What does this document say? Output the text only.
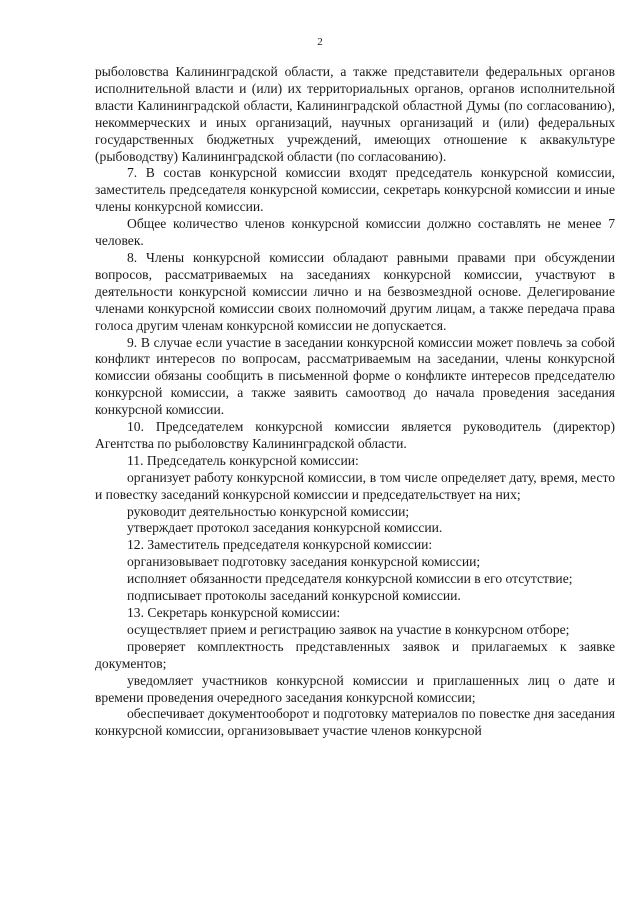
2

рыболовства Калининградской области, а также представители федеральных органов исполнительной власти и (или) их территориальных органов, органов исполнительной власти Калининградской области, Калининградской областной Думы (по согласованию), некоммерческих и иных организаций, научных организаций и (или) федеральных государственных бюджетных учреждений, имеющих отношение к аквакультуре (рыбоводству) Калининградской области (по согласованию).

7. В состав конкурсной комиссии входят председатель конкурсной комиссии, заместитель председателя конкурсной комиссии, секретарь конкурсной комиссии и иные члены конкурсной комиссии.

Общее количество членов конкурсной комиссии должно составлять не менее 7 человек.

8. Члены конкурсной комиссии обладают равными правами при обсуждении вопросов, рассматриваемых на заседаниях конкурсной комиссии, участвуют в деятельности конкурсной комиссии лично и на безвозмездной основе. Делегирование членами конкурсной комиссии своих полномочий другим лицам, а также передача права голоса другим членам конкурсной комиссии не допускается.

9. В случае если участие в заседании конкурсной комиссии может повлечь за собой конфликт интересов по вопросам, рассматриваемым на заседании, члены конкурсной комиссии обязаны сообщить в письменной форме о конфликте интересов председателю конкурсной комиссии, а также заявить самоотвод до начала проведения заседания конкурсной комиссии.

10. Председателем конкурсной комиссии является руководитель (директор) Агентства по рыболовству Калининградской области.

11. Председатель конкурсной комиссии:

организует работу конкурсной комиссии, в том числе определяет дату, время, место и повестку заседаний конкурсной комиссии и председательствует на них;

руководит деятельностью конкурсной комиссии;

утверждает протокол заседания конкурсной комиссии.

12. Заместитель председателя конкурсной комиссии:

организовывает подготовку заседания конкурсной комиссии;

исполняет обязанности председателя конкурсной комиссии в его отсутствие;

подписывает протоколы заседаний конкурсной комиссии.

13. Секретарь конкурсной комиссии:

осуществляет прием и регистрацию заявок на участие в конкурсном отборе;

проверяет комплектность представленных заявок и прилагаемых к заявке документов;

уведомляет участников конкурсной комиссии и приглашенных лиц о дате и времени проведения очередного заседания конкурсной комиссии;

обеспечивает документооборот и подготовку материалов по повестке дня заседания конкурсной комиссии, организовывает участие членов конкурсной
